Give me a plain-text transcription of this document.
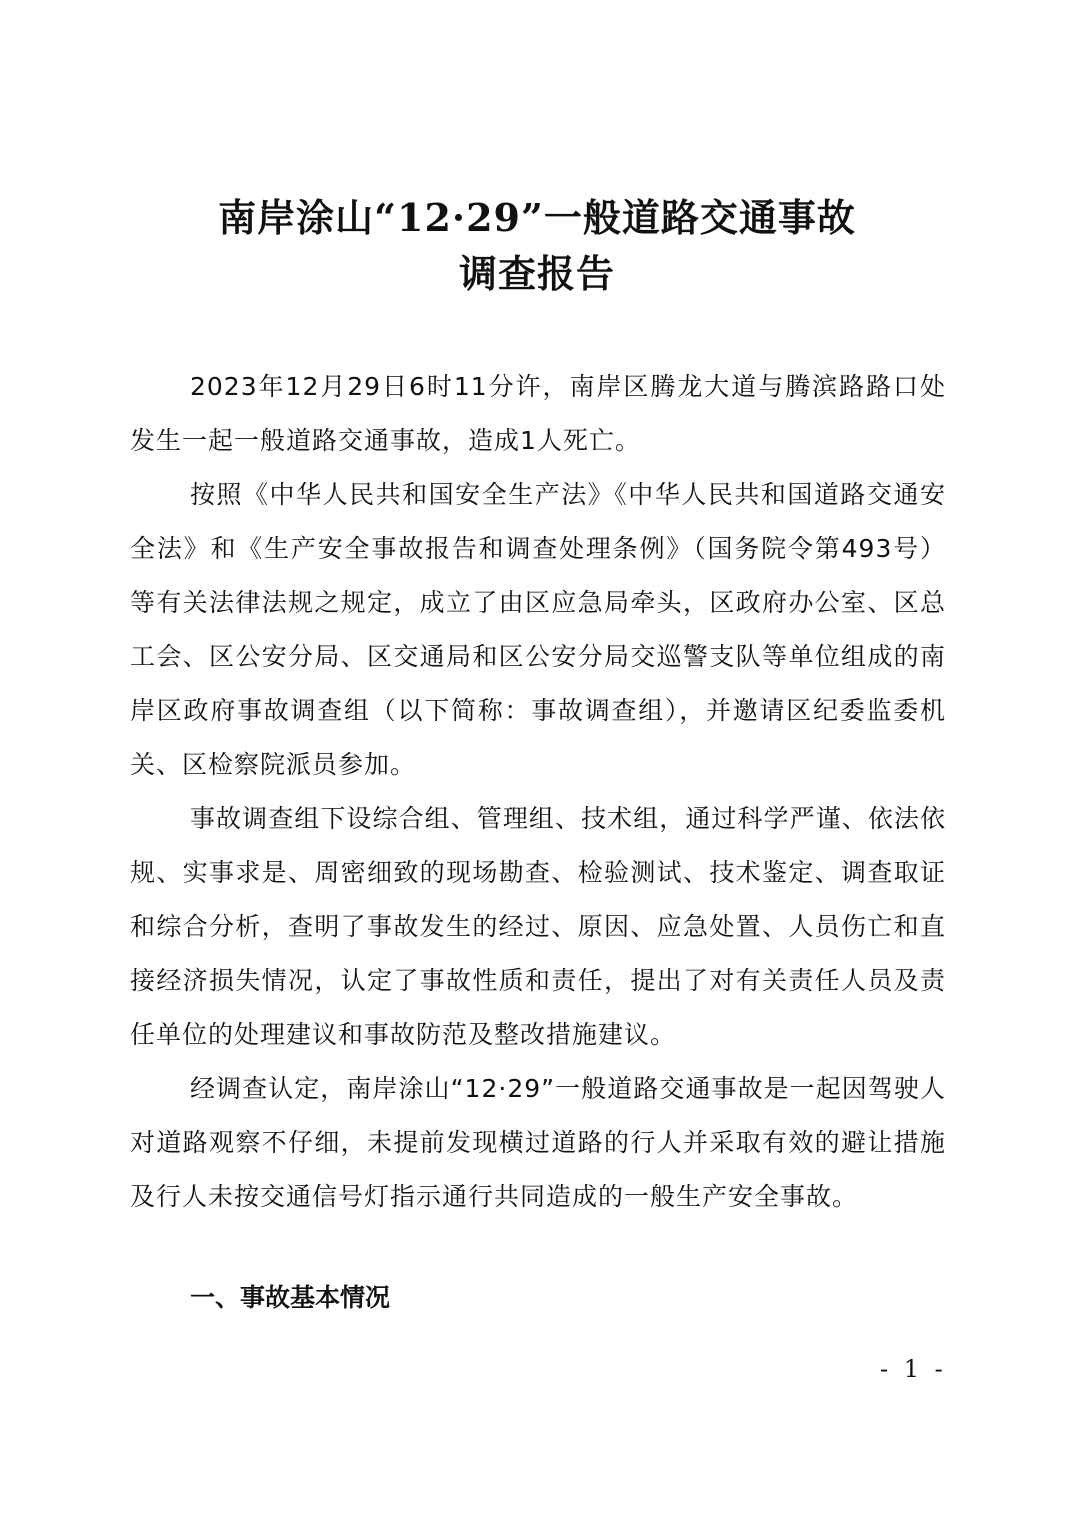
南岸涂山“12·29”一般道路交通事故
调查报告

2023年12月29日6时11分许，南岸区腾龙大道与腾滨路路口处发生一起一般道路交通事故，造成1人死亡。

按照《中华人民共和国安全生产法》《中华人民共和国道路交通安全法》和《生产安全事故报告和调查处理条例》（国务院令第493号）等有关法律法规之规定，成立了由区应急局牵头，区政府办公室、区总工会、区公安分局、区交通局和区公安分局交巡警支队等单位组成的南岸区政府事故调查组（以下简称：事故调查组），并邀请区纪委监委机关、区检察院派员参加。

事故调查组下设综合组、管理组、技术组，通过科学严谨、依法依规、实事求是、周密细致的现场勘查、检验测试、技术鉴定、调查取证和综合分析，查明了事故发生的经过、原因、应急处置、人员伤亡和直接经济损失情况，认定了事故性质和责任，提出了对有关责任人员及责任单位的处理建议和事故防范及整改措施建议。

经调查认定，南岸涂山“12·29”一般道路交通事故是一起因驾驶人对道路观察不仔细，未提前发现横过道路的行人并采取有效的避让措施及行人未按交通信号灯指示通行共同造成的一般生产安全事故。

一、事故基本情况
- 1 -
